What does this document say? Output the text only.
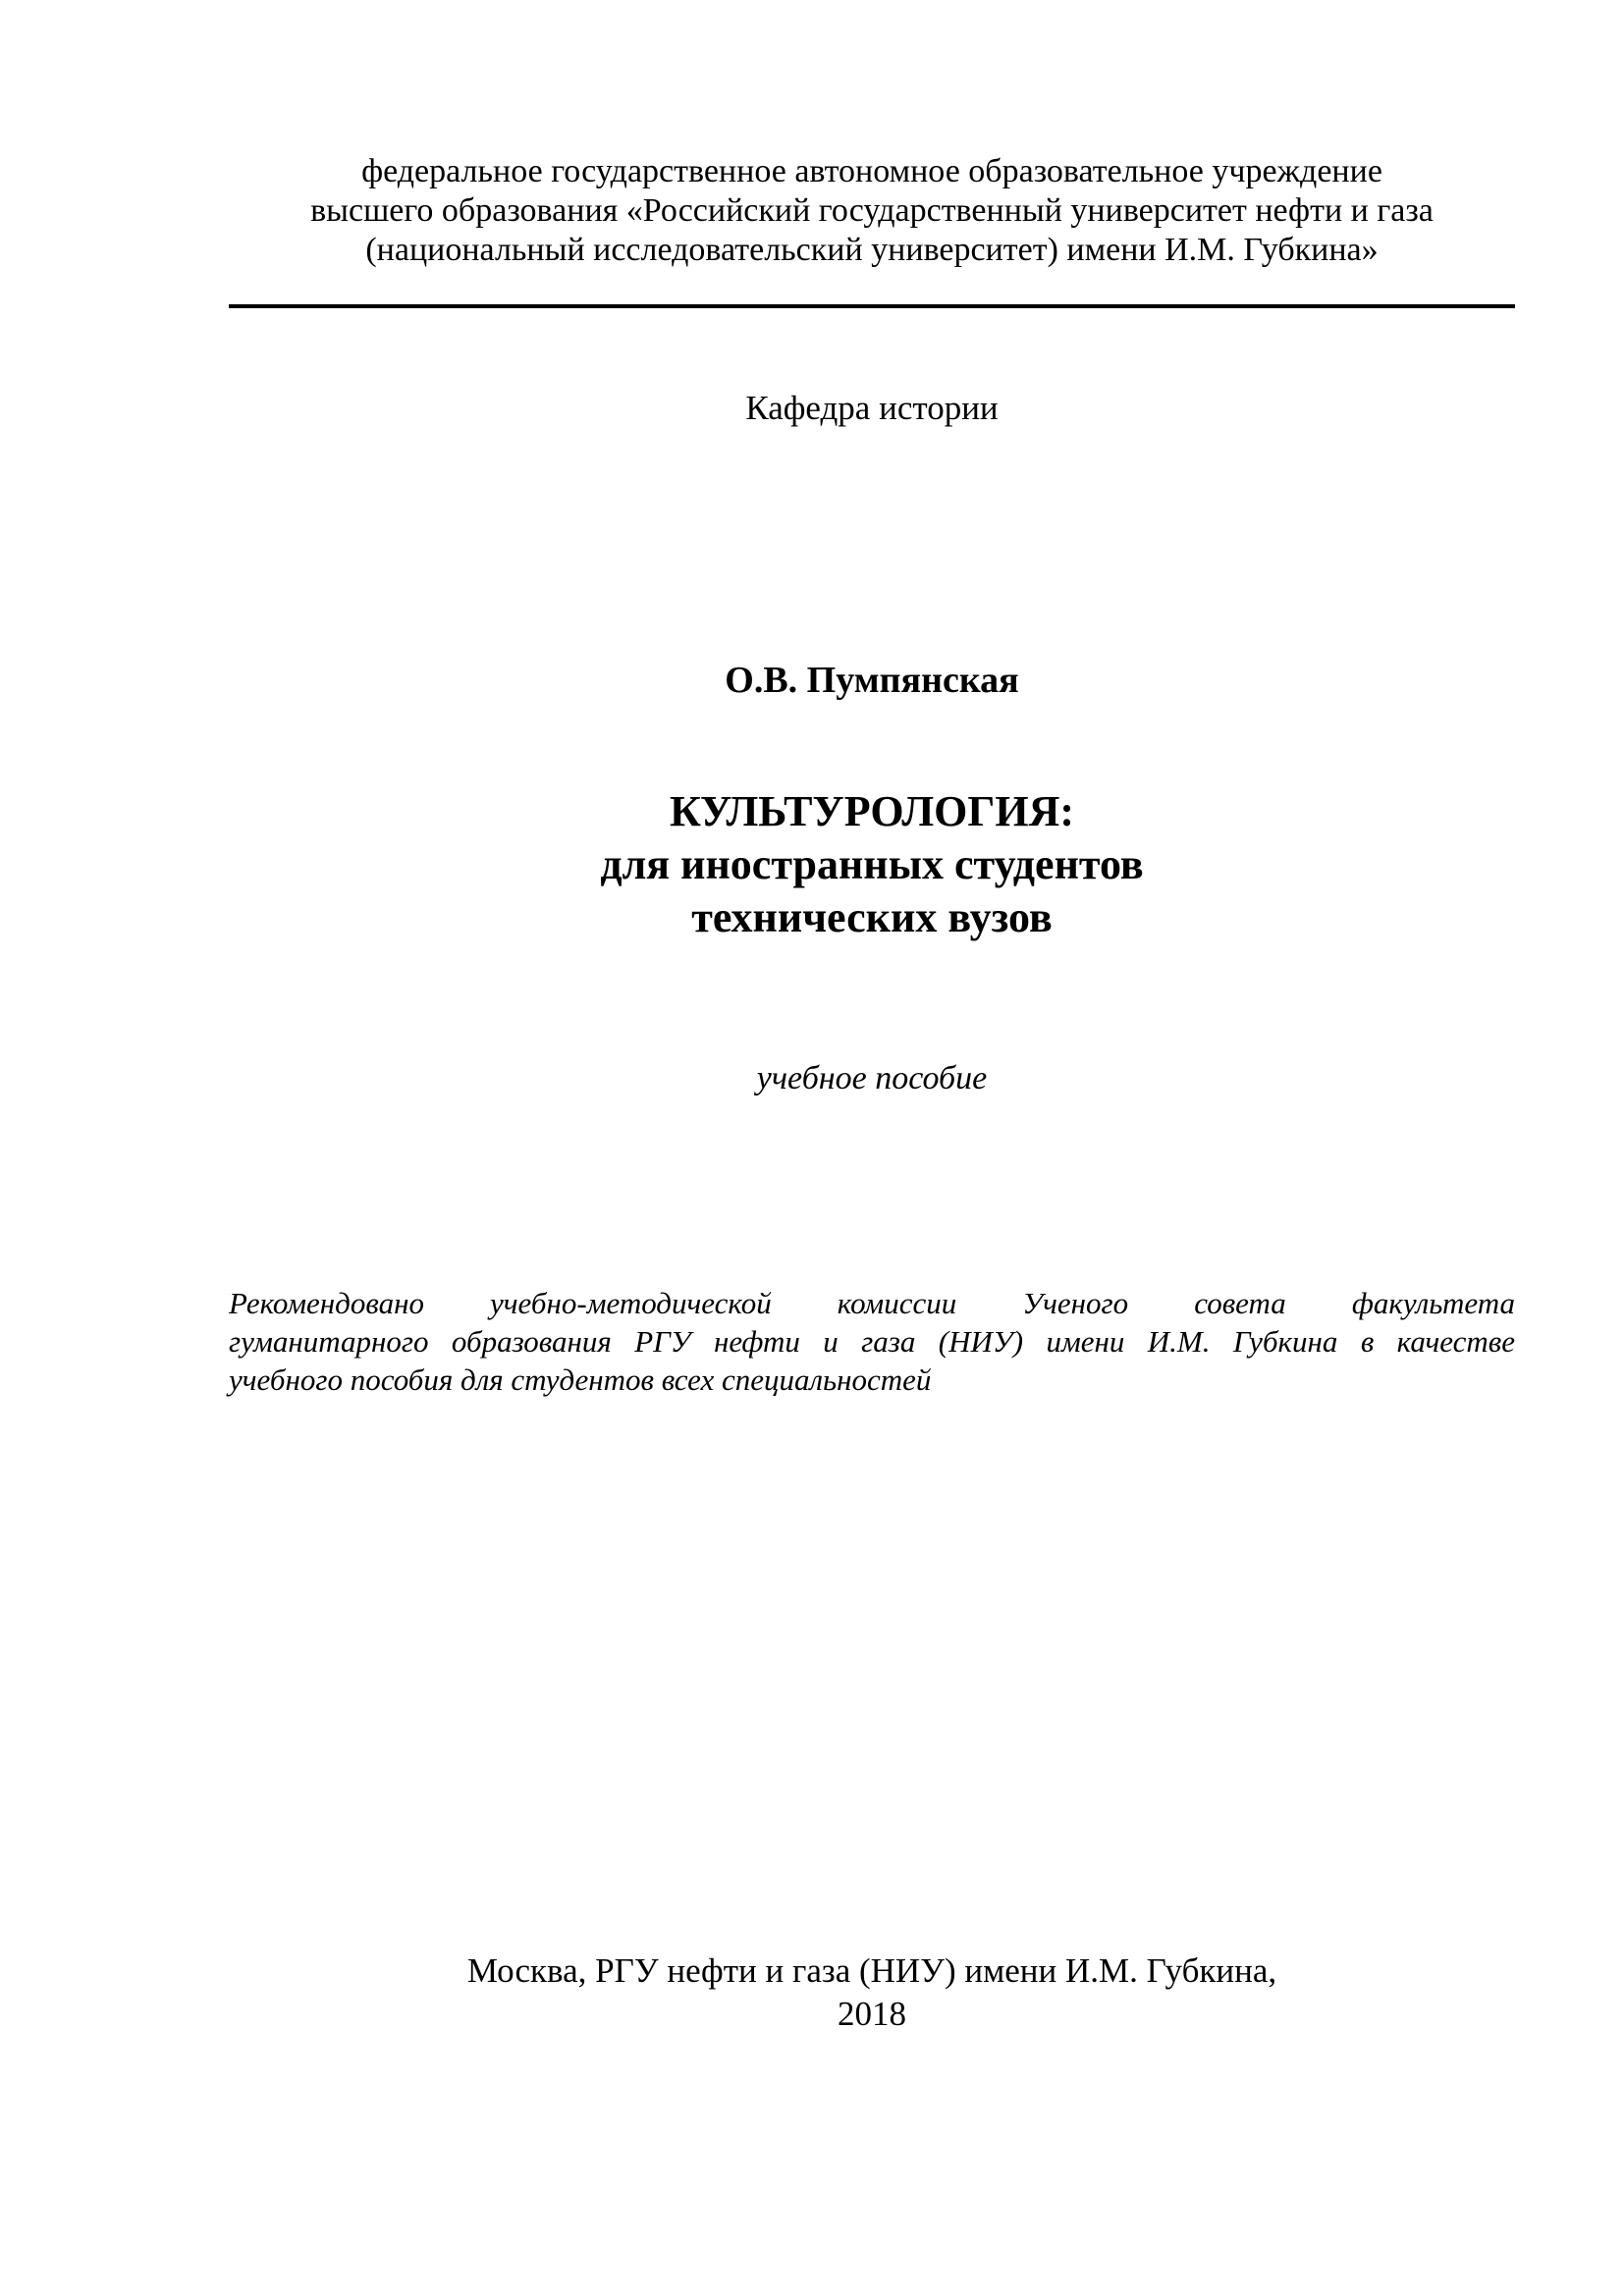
федеральное государственное автономное образовательное учреждение
высшего образования «Российский государственный университет нефти и газа
(национальный исследовательский университет) имени И.М. Губкина»
Кафедра истории
О.В. Пумпянская
КУЛЬТУРОЛОГИЯ:
для иностранных студентов
технических вузов
учебное пособие
Рекомендовано учебно-методической комиссии Ученого совета факультета
гуманитарного образования РГУ нефти и газа (НИУ) имени И.М. Губкина в качестве
учебного пособия для студентов всех специальностей
Москва, РГУ нефти и газа (НИУ) имени И.М. Губкина,
2018
